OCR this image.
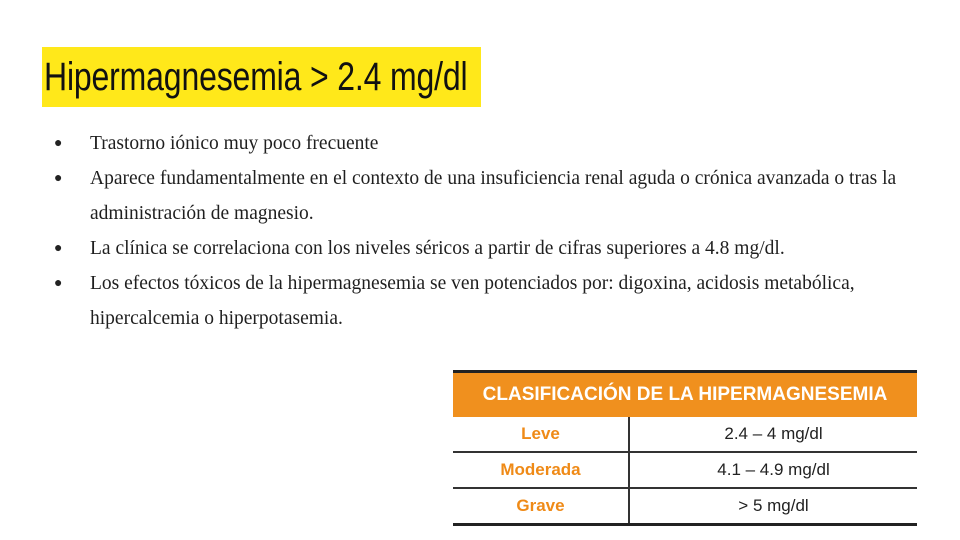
Hipermagnesemia > 2.4 mg/dl
● Trastorno iónico muy poco frecuente
● Aparece fundamentalmente en el contexto de una insuficiencia renal aguda o crónica avanzada o tras la administración de magnesio.
● La clínica se correlaciona con los niveles séricos a partir de cifras superiores a 4.8 mg/dl.
● Los efectos tóxicos de la hipermagnesemia se ven potenciados por: digoxina, acidosis metabólica, hipercalcemia o hiperpotasemia.
CLASIFICACIÓN DE LA HIPERMAGNESEMIA	
Leve	2.4 – 4 mg/dl
Moderada	4.1 – 4.9 mg/dl
Grave	> 5 mg/dl
